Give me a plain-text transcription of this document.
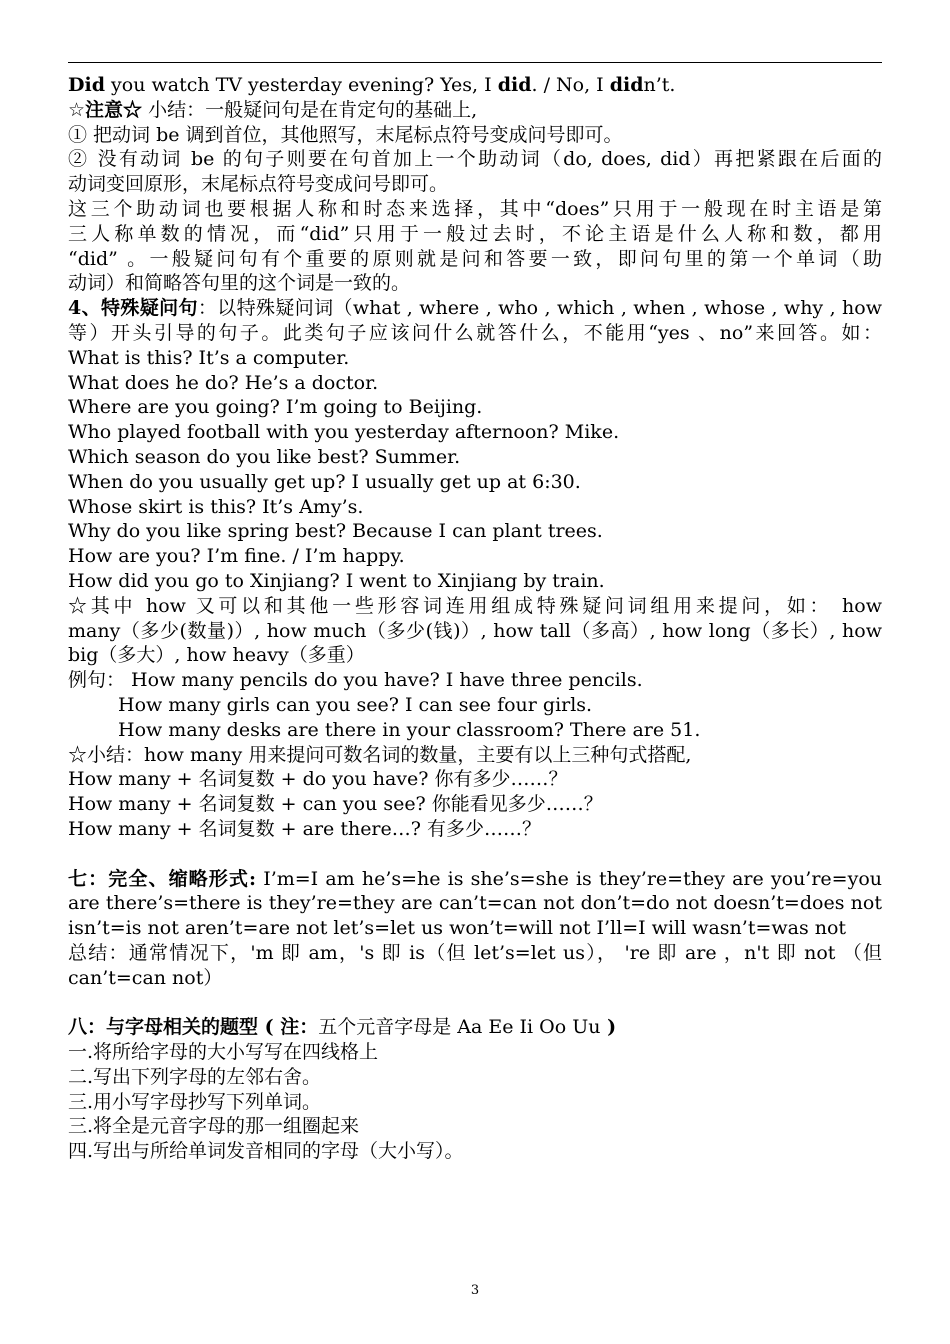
Did you watch TV yesterday evening? Yes, I did. / No, I didn’t.
☆注意☆ 小结：一般疑问句是在肯定句的基础上,
① 把动词 be 调到首位，其他照写，末尾标点符号变成问号即可。
② 没有动词 be 的句子则要在句首加上一个助动词（do, does, did）再把紧跟在后面的
动词变回原形，末尾标点符号变成问号即可。
这三个助动词也要根据人称和时态来选择，其中“does”只用于一般现在时主语是第
三人称单数的情况，而“did”只用于一般过去时，不论主语是什么人称和数，都用
“did” 。一般疑问句有个重要的原则就是问和答要一致，即问句里的第一个单词（助
动词）和简略答句里的这个词是一致的。
4、特殊疑问句：以特殊疑问词（what , where , who , which , when , whose , why , how
等）开头引导的句子。此类句子应该问什么就答什么，不能用“yes 、no”来回答。如：
What is this? It’s a computer.
What does he do? He’s a doctor.
Where are you going? I’m going to Beijing.
Who played football with you yesterday afternoon? Mike.
Which season do you like best? Summer.
When do you usually get up? I usually get up at 6:30.
Whose skirt is this? It’s Amy’s.
Why do you like spring best? Because I can plant trees.
How are you? I’m fine. / I’m happy.
How did you go to Xinjiang? I went to Xinjiang by train.
☆其中 how 又可以和其他一些形容词连用组成特殊疑问词组用来提问，如： how
many（多少(数量)）, how much（多少(钱)）, how tall（多高）, how long（多长）, how
big（多大）, how heavy（多重）
例句： How many pencils do you have? I have three pencils.
How many girls can you see? I can see four girls.
How many desks are there in your classroom? There are 51.
☆小结：how many 用来提问可数名词的数量，主要有以上三种句式搭配,
How many + 名词复数 + do you have? 你有多少……？
How many + 名词复数 + can you see? 你能看见多少……？
How many + 名词复数 + are there…? 有多少……？
七：完全、缩略形式: I’m=I am he’s=he is she’s=she is they’re=they are you’re=you
are there’s=there is they’re=they are can’t=can not don’t=do not doesn’t=does not
isn’t=is not aren’t=are not let’s=let us won’t=will not I’ll=I will wasn’t=was not
总结：通常情况下，'m 即 am，'s 即 is（但 let’s=let us）， 're 即 are ，n't 即 not （但
can’t=can not）
八：与字母相关的题型 ( 注：五个元音字母是 Aa Ee Ii Oo Uu )
一.将所给字母的大小写写在四线格上
二.写出下列字母的左邻右舍。
三.用小写字母抄写下列单词。
三.将全是元音字母的那一组圈起来
四.写出与所给单词发音相同的字母（大小写）。
3
